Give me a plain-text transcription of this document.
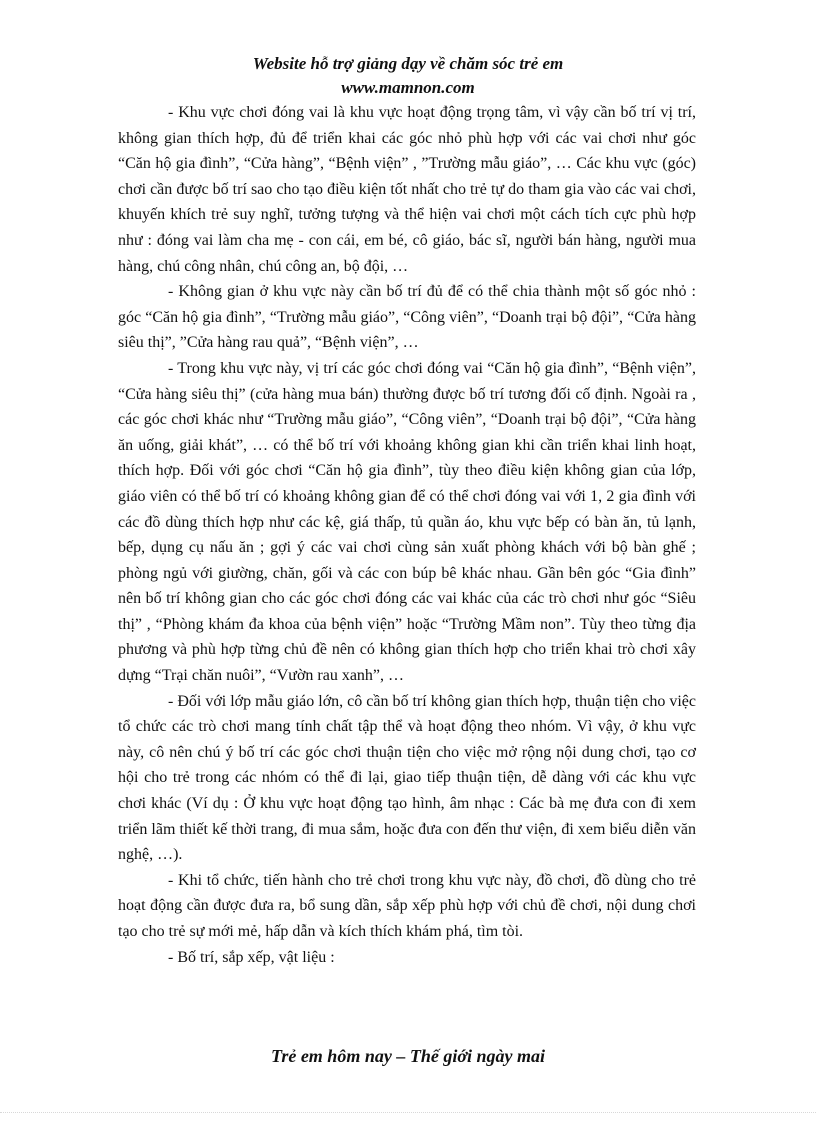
Website hỗ trợ giảng dạy về chăm sóc trẻ em
www.mamnon.com

- Khu vực chơi đóng vai là khu vực hoạt động trọng tâm, vì vậy cần bố trí vị trí, không gian thích hợp, đủ để triển khai các góc nhỏ phù hợp với các vai chơi như góc “Căn hộ gia đình”, “Cửa hàng”, “Bệnh viện” , ”Trường mẫu giáo”, … Các khu vực (góc) chơi cần được bố trí sao cho tạo điều kiện tốt nhất cho trẻ tự do tham gia vào các vai chơi, khuyến khích trẻ suy nghĩ, tưởng tượng và thể hiện vai chơi một cách tích cực phù hợp như : đóng vai làm cha mẹ - con cái, em bé, cô giáo, bác sĩ, người bán hàng, người mua hàng, chú công nhân, chú công an, bộ đội, …

- Không gian ở khu vực này cần bố trí đủ để có thể chia thành một số góc nhỏ : góc “Căn hộ gia đình”, “Trường mẫu giáo”, “Công viên”, “Doanh trại bộ đội”, “Cửa hàng siêu thị”, ”Cửa hàng rau quả”, “Bệnh viện”, …

- Trong khu vực này, vị trí các góc chơi đóng vai “Căn hộ gia đình”, “Bệnh viện”, “Cửa hàng siêu thị” (cửa hàng mua bán) thường được bố trí tương đối cố định. Ngoài ra , các góc chơi khác như “Trường mẫu giáo”, “Công viên”, “Doanh trại bộ đội”, “Cửa hàng ăn uống, giải khát”, … có thể bố trí với khoảng không gian khi cần triển khai linh hoạt, thích hợp. Đối với góc chơi “Căn hộ gia đình”, tùy theo điều kiện không gian của lớp, giáo viên có thể bố trí có khoảng không gian để có thể chơi đóng vai với 1, 2 gia đình với các đồ dùng thích hợp như các kệ, giá thấp, tủ quần áo, khu vực bếp có bàn ăn, tủ lạnh, bếp, dụng cụ nấu ăn ; gợi ý các vai chơi cùng sản xuất phòng khách với bộ bàn ghế ; phòng ngủ với giường, chăn, gối và các con búp bê khác nhau. Gần bên góc “Gia đình” nên bố trí không gian cho các góc chơi đóng các vai khác của các trò chơi như góc “Siêu thị” , “Phòng khám đa khoa của bệnh viện” hoặc “Trường Mầm non”. Tùy theo từng địa phương và phù hợp từng chủ đề nên có không gian thích hợp cho triển khai trò chơi xây dựng “Trại chăn nuôi”, “Vườn rau xanh”, …

- Đối với lớp mẫu giáo lớn, cô cần bố trí không gian thích hợp, thuận tiện cho việc tổ chức các trò chơi mang tính chất tập thể và hoạt động theo nhóm. Vì vậy, ở khu vực này, cô nên chú ý bố trí các góc chơi thuận tiện cho việc mở rộng nội dung chơi, tạo cơ hội cho trẻ trong các nhóm có thể đi lại, giao tiếp thuận tiện, dễ dàng với các khu vực chơi khác (Ví dụ : Ở khu vực hoạt động tạo hình, âm nhạc : Các bà mẹ đưa con đi xem triển lãm thiết kế thời trang, đi mua sắm, hoặc đưa con đến thư viện, đi xem biểu diễn văn nghệ, …).

- Khi tổ chức, tiến hành cho trẻ chơi trong khu vực này, đồ chơi, đồ dùng cho trẻ hoạt động cần được đưa ra, bổ sung dần, sắp xếp phù hợp với chủ đề chơi, nội dung chơi tạo cho trẻ sự mới mẻ, hấp dẫn và kích thích khám phá, tìm tòi.

- Bố trí, sắp xếp, vật liệu :

Trẻ em hôm nay – Thế giới ngày mai
